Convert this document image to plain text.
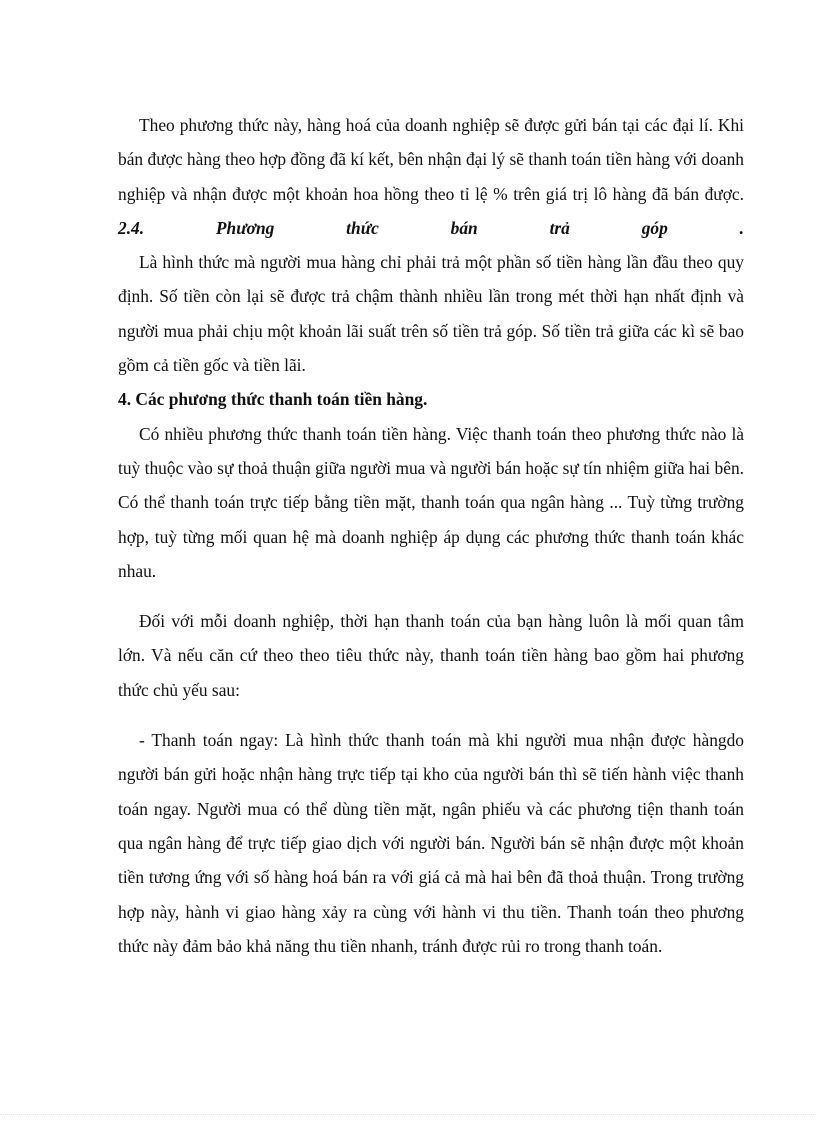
Theo phương thức này, hàng hoá của doanh nghiệp sẽ được gửi bán tại các đại lí. Khi bán được hàng theo hợp đồng đã kí kết, bên nhận đại lý sẽ thanh toán tiền hàng với doanh nghiệp và nhận được một khoản hoa hồng theo tỉ lệ % trên giá trị lô hàng đã bán được.

2.4. Phương thức bán trả góp .

Là hình thức mà người mua hàng chỉ phải trả một phần số tiền hàng lần đầu theo quy định. Số tiền còn lại sẽ được trả chậm thành nhiều lần trong mét thời hạn nhất định và người mua phải chịu một khoản lãi suất trên số tiền trả góp. Số tiền trả giữa các kì sẽ bao gồm cả tiền gốc và tiền lãi.

4. Các phương thức thanh toán tiền hàng.

Có nhiều phương thức thanh toán tiền hàng. Việc thanh toán theo phương thức nào là tuỳ thuộc vào sự thoả thuận giữa người mua và người bán hoặc sự tín nhiệm giữa hai bên. Có thể thanh toán trực tiếp bằng tiền mặt, thanh toán qua ngân hàng ... Tuỳ từng trường hợp, tuỳ từng mối quan hệ mà doanh nghiệp áp dụng các phương thức thanh toán khác nhau.

Đối với mỗi doanh nghiệp, thời hạn thanh toán của bạn hàng luôn là mối quan tâm lớn. Và nếu căn cứ theo theo tiêu thức này, thanh toán tiền hàng bao gồm hai phương thức chủ yếu sau:

- Thanh toán ngay: Là hình thức thanh toán mà khi người mua nhận được hàngdo người bán gửi hoặc nhận hàng trực tiếp tại kho của người bán thì sẽ tiến hành việc thanh toán ngay. Người mua có thể dùng tiền mặt, ngân phiếu và các phương tiện thanh toán qua ngân hàng để trực tiếp giao dịch với người bán. Người bán sẽ nhận được một khoản tiền tương ứng với số hàng hoá bán ra với giá cả mà hai bên đã thoả thuận. Trong trường hợp này, hành vi giao hàng xảy ra cùng với hành vi thu tiền. Thanh toán theo phương thức này đảm bảo khả năng thu tiền nhanh, tránh được rủi ro trong thanh toán.
